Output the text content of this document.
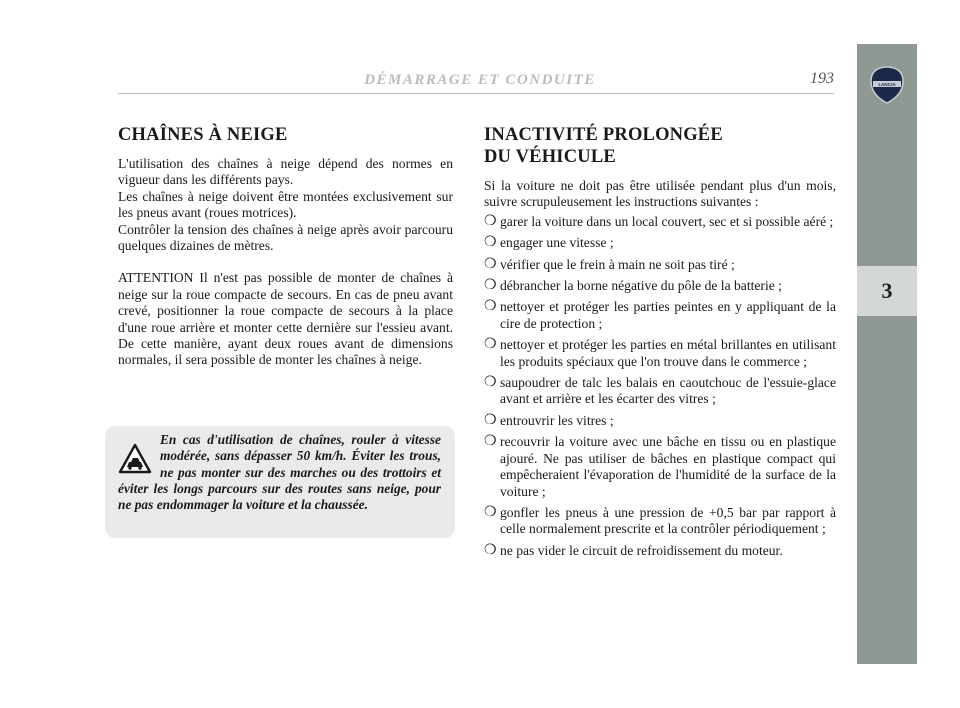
LANCIA
3
DÉMARRAGE ET CONDUITE	193
CHAÎNES À NEIGE

L'utilisation des chaînes à neige dépend des normes en vigueur dans les différents pays.

Les chaînes à neige doivent être montées exclusivement sur les pneus avant (roues motrices).

Contrôler la tension des chaînes à neige après avoir parcouru quelques dizaines de mètres.

ATTENTION Il n'est pas possible de monter de chaînes à neige sur la roue compacte de secours. En cas de pneu avant crevé, positionner la roue compacte de secours à la place d'une roue arrière et monter cette dernière sur l'essieu avant. De cette manière, ayant deux roues avant de dimensions normales, il sera possible de monter les chaînes à neige.

En cas d'utilisation de chaînes, rouler à vitesse modérée, sans dépasser 50 km/h. Éviter les trous, ne pas monter sur des marches ou des trottoirs et éviter les longs parcours sur des routes sans neige, pour ne pas endommager la voiture et la chaussée.
INACTIVITÉ PROLONGÉE
DU VÉHICULE

Si la voiture ne doit pas être utilisée pendant plus d'un mois, suivre scrupuleusement les instructions suivantes :

❍ garer la voiture dans un local couvert, sec et si possible aéré ;
❍ engager une vitesse ;
❍ vérifier que le frein à main ne soit pas tiré ;
❍ débrancher la borne négative du pôle de la batterie ;
❍ nettoyer et protéger les parties peintes en y appliquant de la cire de protection ;
❍ nettoyer et protéger les parties en métal brillantes en utilisant les produits spéciaux que l'on trouve dans le commerce ;
❍ saupoudrer de talc les balais en caoutchouc de l'essuie-glace avant et arrière et les écarter des vitres ;
❍ entrouvrir les vitres ;
❍ recouvrir la voiture avec une bâche en tissu ou en plastique ajouré. Ne pas utiliser de bâches en plastique compact qui empêcheraient l'évaporation de l'humidité de la surface de la voiture ;
❍ gonfler les pneus à une pression de +0,5 bar par rapport à celle normalement prescrite et la contrôler périodiquement ;
❍ ne pas vider le circuit de refroidissement du moteur.
